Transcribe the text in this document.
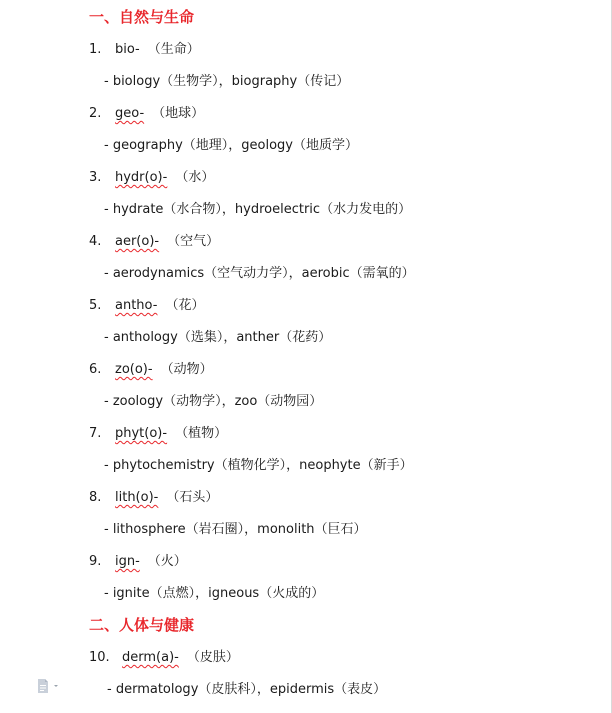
一、自然与生命
1. bio- （生命）
- biology（生物学），biography（传记）
2. geo- （地球）
- geography（地理），geology（地质学）
3. hydr(o)- （水）
- hydrate（水合物），hydroelectric（水力发电的）
4. aer(o)- （空气）
- aerodynamics（空气动力学），aerobic（需氧的）
5. antho- （花）
- anthology（选集），anther（花药）
6. zo(o)- （动物）
- zoology（动物学），zoo（动物园）
7. phyt(o)- （植物）
- phytochemistry（植物化学），neophyte（新手）
8. lith(o)- （石头）
- lithosphere（岩石圈），monolith（巨石）
9. ign- （火）
- ignite（点燃），igneous（火成的）
二、人体与健康
10. derm(a)- （皮肤）
- dermatology（皮肤科），epidermis（表皮）
